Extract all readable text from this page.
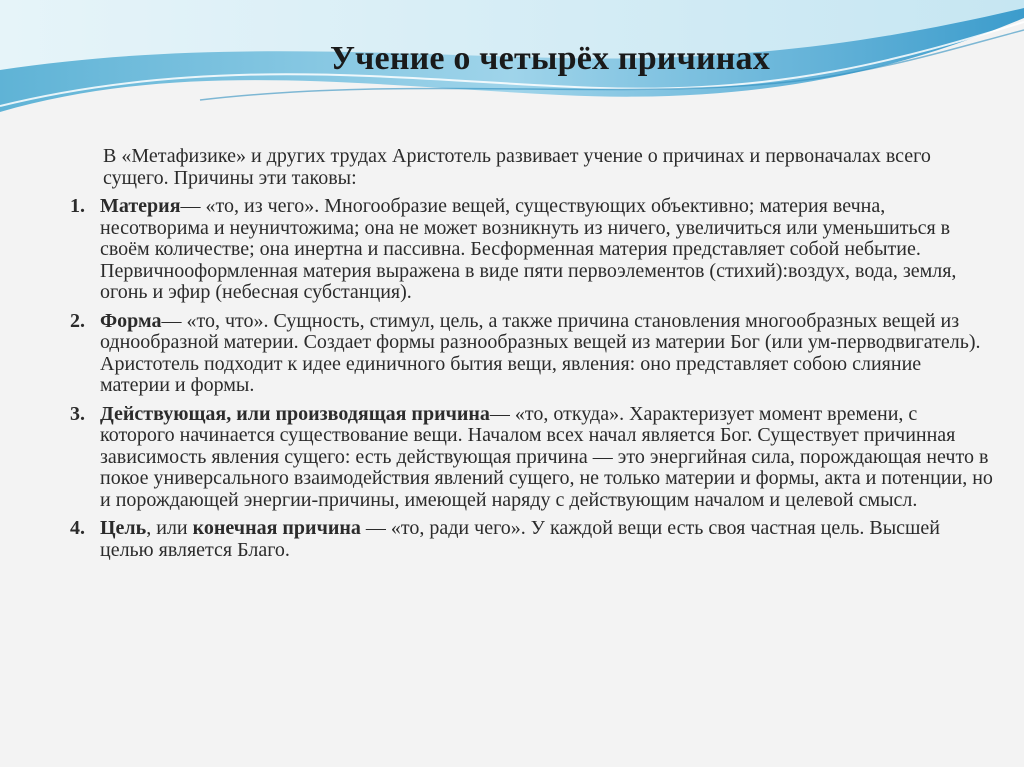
Учение о четырёх причинах

В «Метафизике» и других трудах Аристотель развивает учение о причинах и первоначалах всего сущего. Причины эти таковы:

1. Материя— «то, из чего». Многообразие вещей, существующих объективно; материя вечна, несотворима и неуничтожима; она не может возникнуть из ничего, увеличиться или уменьшиться в своём количестве; она инертна и пассивна. Бесформенная материя представляет собой небытие. Первичнооформленная материя выражена в виде пяти первоэлементов (стихий):воздух, вода, земля, огонь и эфир (небесная субстанция).

2. Форма— «то, что». Сущность, стимул, цель, а также причина становления многообразных вещей из однообразной материи. Создает формы разнообразных вещей из материи Бог (или ум-перводвигатель). Аристотель подходит к идее единичного бытия вещи, явления: оно представляет собою слияние материи и формы.

3. Действующая, или производящая причина— «то, откуда». Характеризует момент времени, с которого начинается существование вещи. Началом всех начал является Бог. Существует причинная зависимость явления сущего: есть действующая причина — это энергийная сила, порождающая нечто в покое универсального взаимодействия явлений сущего, не только материи и формы, акта и потенции, но и порождающей энергии-причины, имеющей наряду с действующим началом и целевой смысл.

4. Цель, или конечная причина — «то, ради чего». У каждой вещи есть своя частная цель. Высшей целью является Благо.
